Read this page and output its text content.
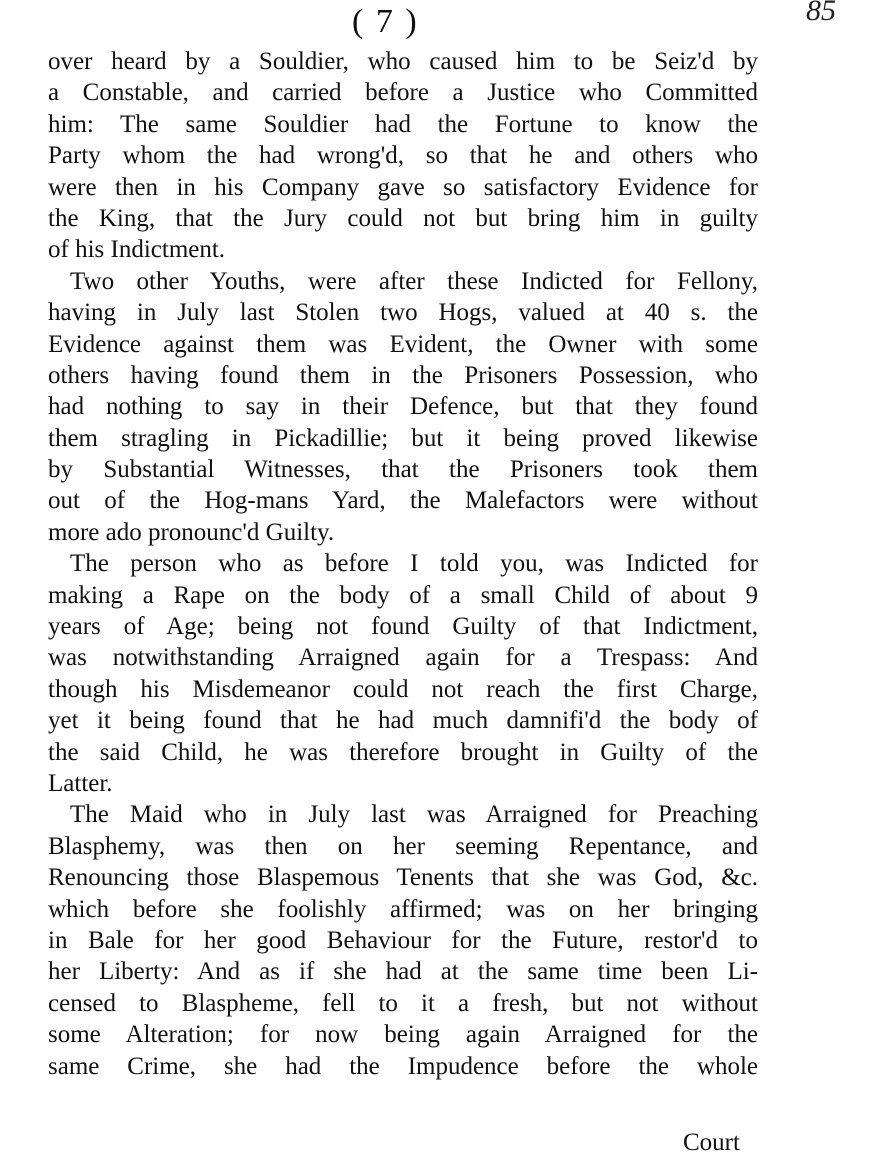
( 7 )	85
over heard by a Souldier, who caused him to be Seiz'd by
a Constable, and carried before a Justice who Committed
him: The same Souldier had the Fortune to know the
Party whom the had wrong'd, so that he and others who
were then in his Company gave so satisfactory Evidence for
the King, that the Jury could not but bring him in guilty
of his Indictment.
Two other Youths, were after these Indicted for Fellony,
having in July last Stolen two Hogs, valued at 40 s. the
Evidence against them was Evident, the Owner with some
others having found them in the Prisoners Possession, who
had nothing to say in their Defence, but that they found
them stragling in Pickadillie; but it being proved likewise
by Substantial Witnesses, that the Prisoners took them
out of the Hog-mans Yard, the Malefactors were without
more ado pronounc'd Guilty.
The person who as before I told you, was Indicted for
making a Rape on the body of a small Child of about 9
years of Age; being not found Guilty of that Indictment,
was notwithstanding Arraigned again for a Trespass: And
though his Misdemeanor could not reach the first Charge,
yet it being found that he had much damnifi'd the body of
the said Child, he was therefore brought in Guilty of the
Latter.
The Maid who in July last was Arraigned for Preaching
Blasphemy, was then on her seeming Repentance, and
Renouncing those Blaspemous Tenents that she was God, &c.
which before she foolishly affirmed; was on her bringing
in Bale for her good Behaviour for the Future, restor'd to
her Liberty: And as if she had at the same time been Li-
censed to Blaspheme, fell to it a fresh, but not without
some Alteration; for now being again Arraigned for the
same Crime, she had the Impudence before the whole
Court
